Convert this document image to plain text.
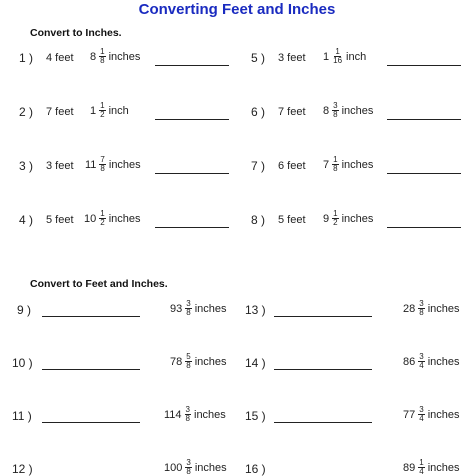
Converting Feet and Inches
Convert to Inches.
1 ) 4 feet $8 \frac{1}{8}$ inches	5 ) 3 feet $1 \frac{1}{16}$ inch
2 ) 7 feet $1 \frac{1}{2}$ inch	6 ) 7 feet $8 \frac{3}{8}$ inches
3 ) 3 feet $11 \frac{7}{8}$ inches	7 ) 6 feet $7 \frac{1}{8}$ inches
4 ) 5 feet $10 \frac{1}{2}$ inches	8 ) 5 feet $9 \frac{1}{2}$ inches
Convert to Feet and Inches.
9 )	$93 \frac{3}{8}$ inches 13 )	$28 \frac{3}{8}$ inches
10 )	$78 \frac{5}{8}$ inches 14 )	$86 \frac{3}{4}$ inches
11 )	$114 \frac{3}{8}$ inches 15 )	$77 \frac{3}{4}$ inches
12 )	$100 \frac{3}{8}$ inches 16 )	$89 \frac{1}{4}$ inches
